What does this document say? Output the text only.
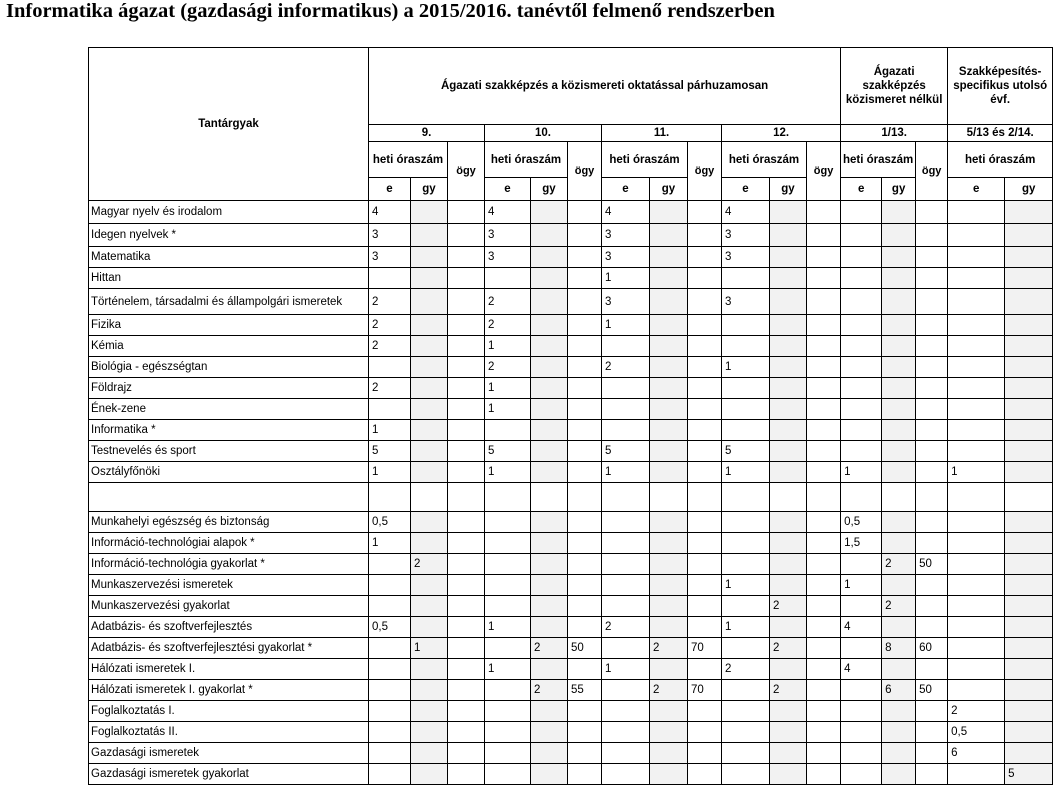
Informatika ágazat (gazdasági informatikus) a 2015/2016. tanévtől felmenő rendszerben
Tantárgyak	Ágazati szakképzés a közismereti oktatással párhuzamosan												Ágazati szakképzés közismeret nélkül			Szakképesítés-specifikus utolsó évf.	
	9.			10.			11.			12.			1/13.			5/13 és 2/14.	
	heti óraszám		ögy	heti óraszám		ögy	heti óraszám		ögy	heti óraszám		ögy	heti óraszám		ögy	heti óraszám	
	e	gy		e	gy		e	gy		e	gy		e	gy		e	gy
Magyar nyelv és irodalom	4			4			4			4							
Idegen nyelvek *	3			3			3			3							
Matematika	3			3			3			3							
Hittan							1										
Történelem, társadalmi és állampolgári ismeretek	2			2			3			3							
Fizika	2			2			1										
Kémia	2			1													
Biológia - egészségtan				2			2			1							
Földrajz	2			1													
Ének-zene				1													
Informatika *	1																
Testnevelés és sport	5			5			5			5							
Osztályfőnöki	1			1			1			1			1			1	

Munkahelyi egészség és biztonság	0,5												0,5				
Információ-technológiai alapok *	1												1,5				
Információ-technológia gyakorlat *		2												2	50		
Munkaszervezési ismeretek										1			1				
Munkaszervezési gyakorlat											2			2			
Adatbázis- és szoftverfejlesztés	0,5			1			2			1			4				
Adatbázis- és szoftverfejlesztési gyakorlat *		1			2	50		2	70		2			8	60		
Hálózati ismeretek I.				1			1			2			4				
Hálózati ismeretek I. gyakorlat *					2	55		2	70		2			6	50		
Foglalkoztatás I.																2	
Foglalkoztatás II.																0,5	
Gazdasági ismeretek																6	
Gazdasági ismeretek gyakorlat																	5
